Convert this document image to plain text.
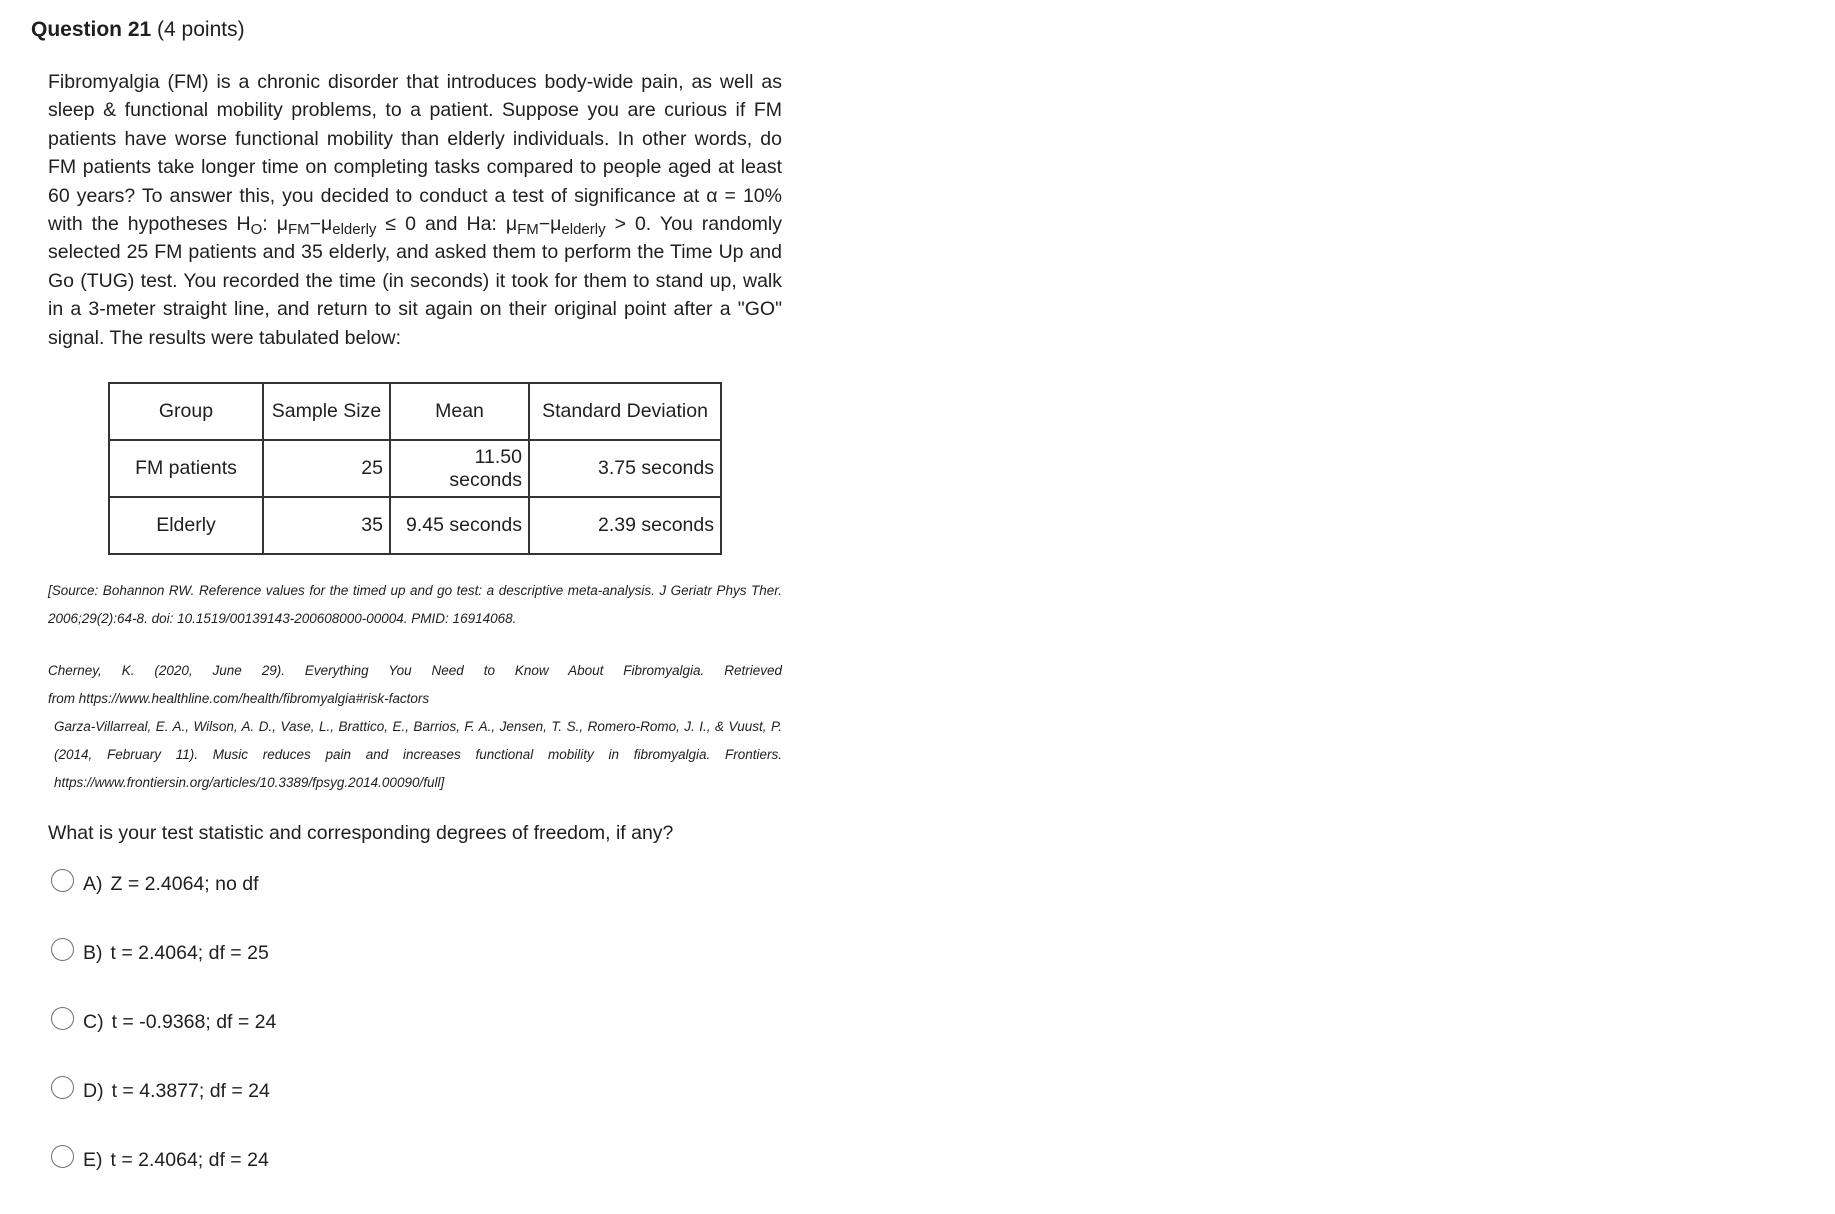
Question 21 (4 points)

Fibromyalgia (FM) is a chronic disorder that introduces body-wide pain, as well as sleep & functional mobility problems, to a patient. Suppose you are curious if FM patients have worse functional mobility than elderly individuals. In other words, do FM patients take longer time on completing tasks compared to people aged at least 60 years? To answer this, you decided to conduct a test of significance at α = 10% with the hypotheses $H_O$: $\mu_{FM}-\mu_{elderly} \le 0$ and Ha: $\mu_{FM}-\mu_{elderly} > 0$. You randomly selected 25 FM patients and 35 elderly, and asked them to perform the Time Up and Go (TUG) test. You recorded the time (in seconds) it took for them to stand up, walk in a 3-meter straight line, and return to sit again on their original point after a "GO" signal. The results were tabulated below:

Group	Sample Size	Mean	Standard Deviation
FM patients	25	11.50 seconds	3.75 seconds
Elderly	35	9.45 seconds	2.39 seconds

[Source: Bohannon RW. Reference values for the timed up and go test: a descriptive meta-analysis. J Geriatr Phys Ther. 2006;29(2):64-8. doi: 10.1519/00139143-200608000-00004. PMID: 16914068.

Cherney, K. (2020, June 29). Everything You Need to Know About Fibromyalgia. Retrieved

from https://www.healthline.com/health/fibromyalgia#risk-factors

Garza-Villarreal, E. A., Wilson, A. D., Vase, L., Brattico, E., Barrios, F. A., Jensen, T. S., Romero-Romo, J. I., & Vuust, P. (2014, February 11). Music reduces pain and increases functional mobility in fibromyalgia. Frontiers. https://www.frontiersin.org/articles/10.3389/fpsyg.2014.00090/full]

What is your test statistic and corresponding degrees of freedom, if any?

A) Z = 2.4064; no df
B) t = 2.4064; df = 25
C) t = -0.9368; df = 24
D) t = 4.3877; df = 24
E) t = 2.4064; df = 24
